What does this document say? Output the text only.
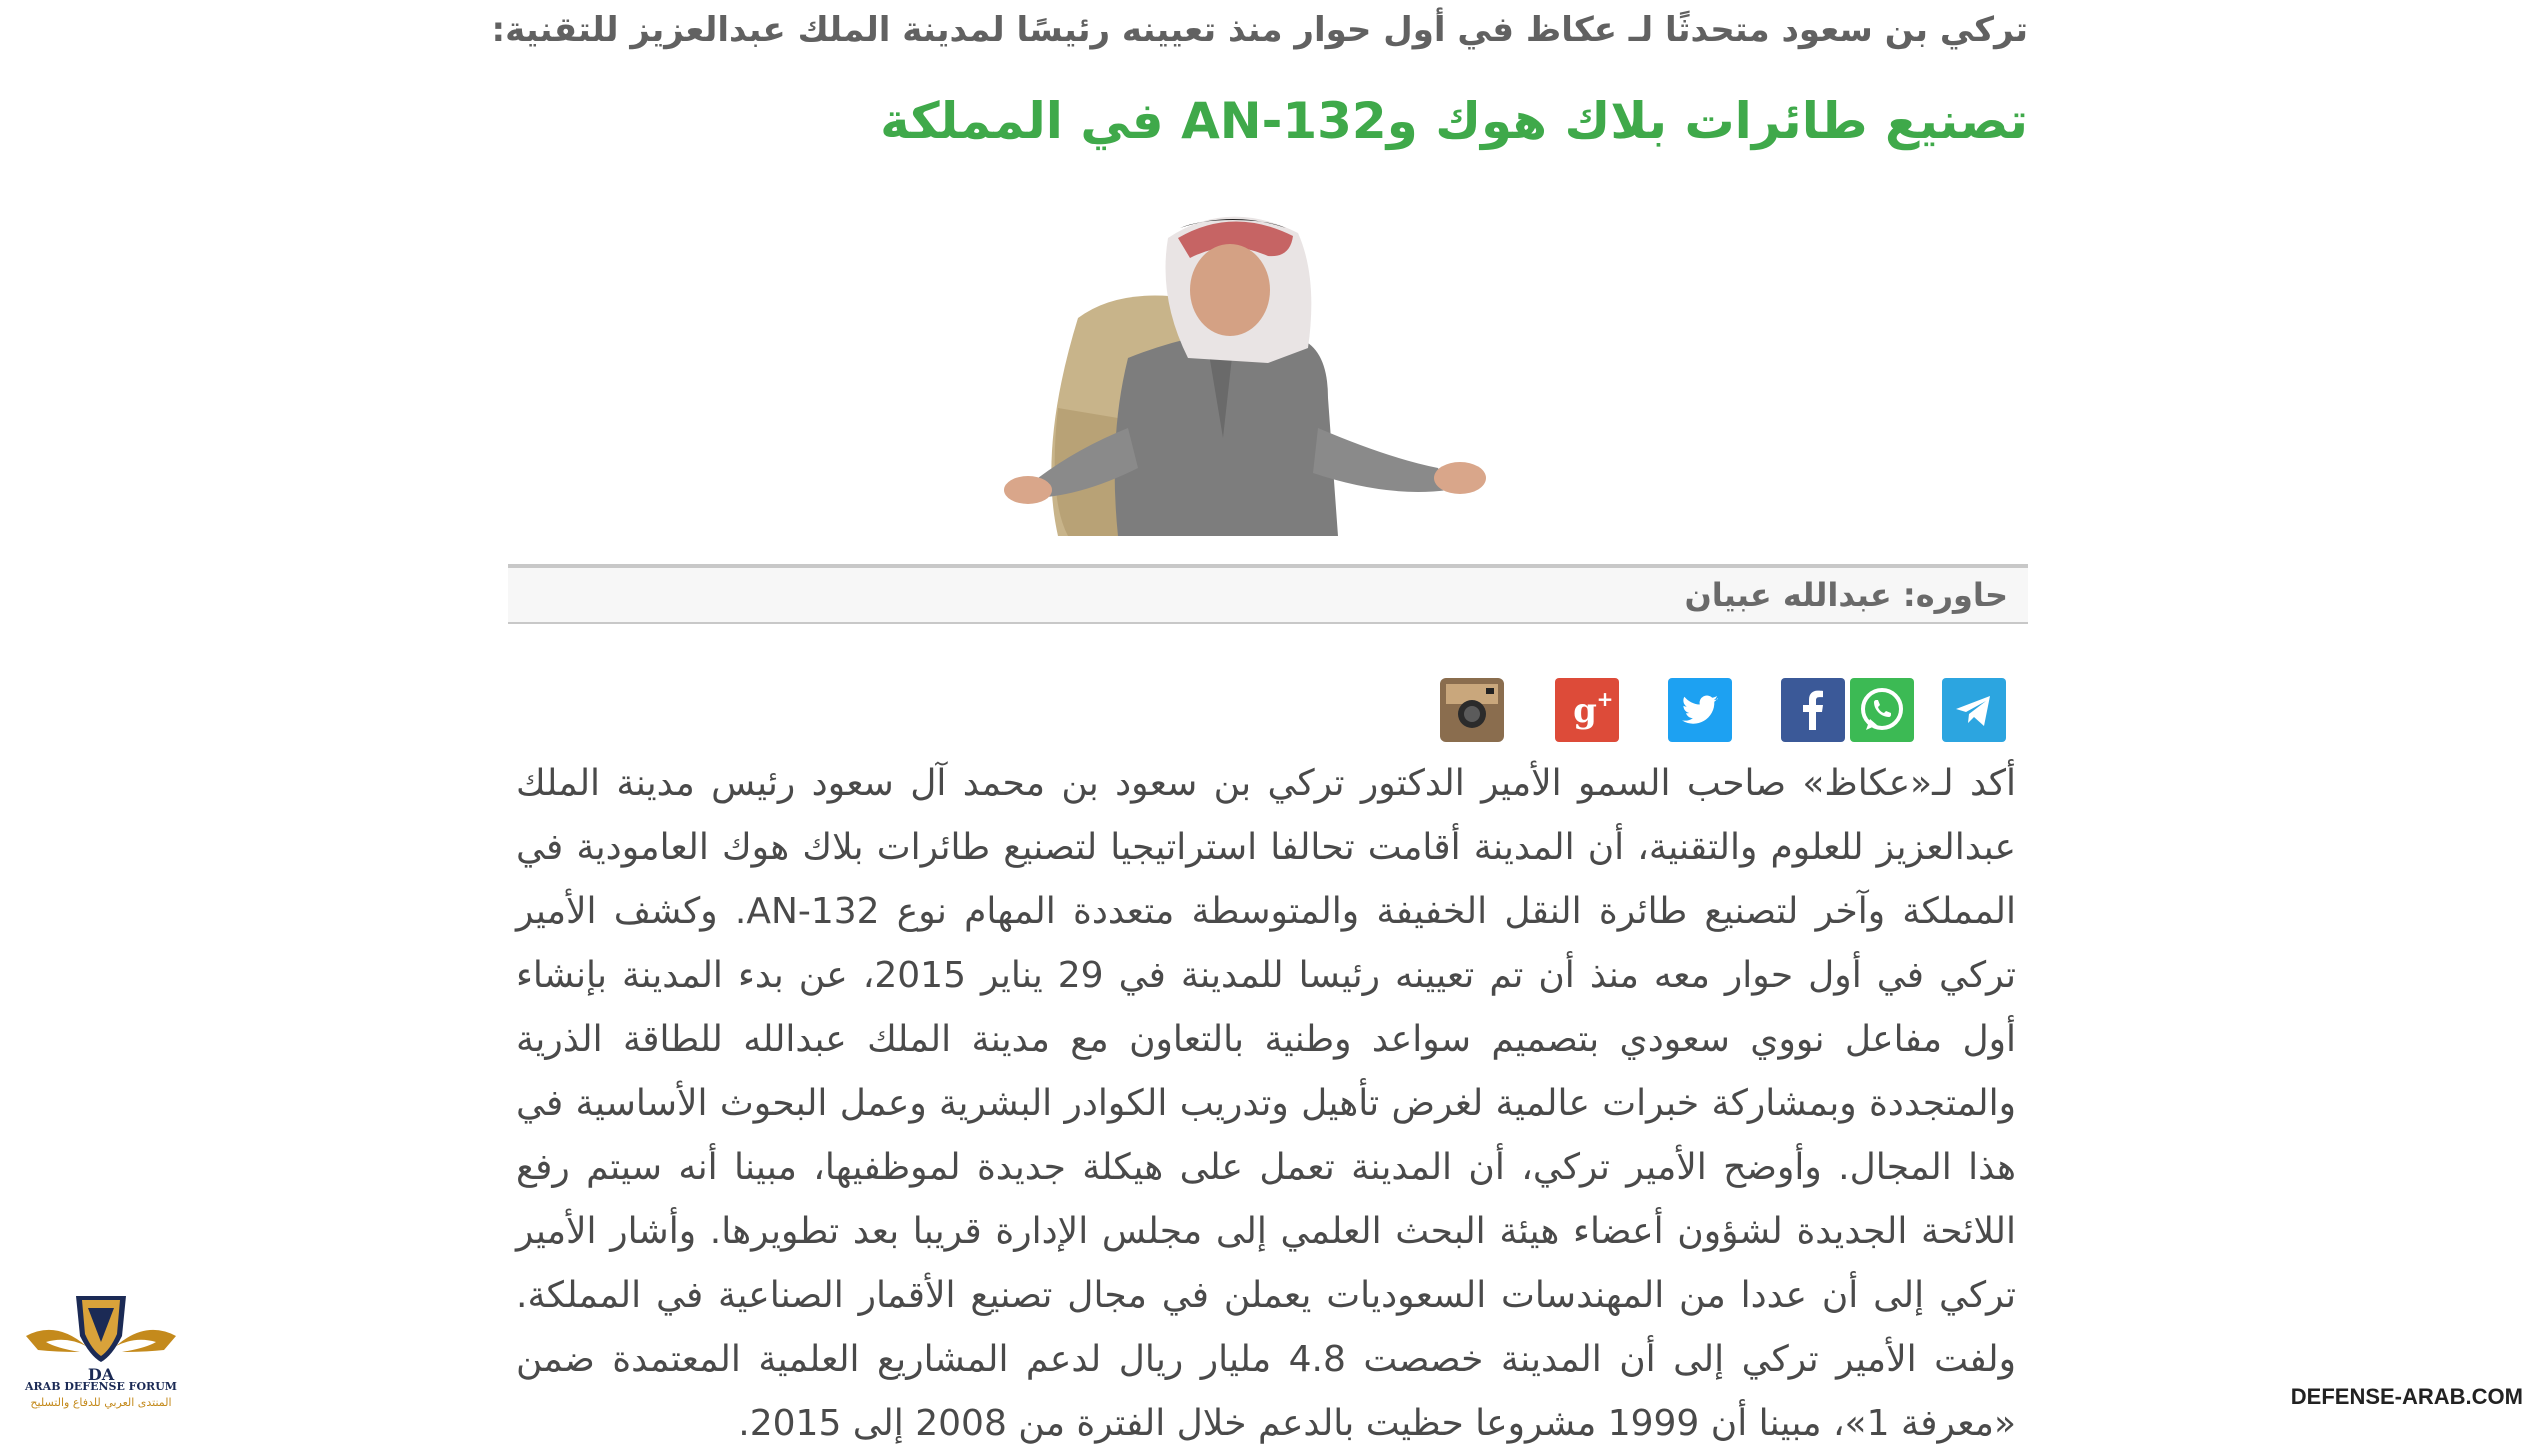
تركي بن سعود متحدثًا لـ عكاظ في أول حوار منذ تعيينه رئيسًا لمدينة الملك عبدالعزيز للتقنية:
تصنيع طائرات بلاك هوك وAN-132 في المملكة
حاوره: عبدالله عبيان
g +
أكد لـ«عكاظ» صاحب السمو الأمير الدكتور تركي بن سعود بن محمد آل سعود رئيس مدينة الملك عبدالعزيز للعلوم والتقنية، أن المدينة أقامت تحالفا استراتيجيا لتصنيع طائرات بلاك هوك العامودية في المملكة وآخر لتصنيع طائرة النقل الخفيفة والمتوسطة متعددة المهام نوع AN-132. وكشف الأمير تركي في أول حوار معه منذ أن تم تعيينه رئيسا للمدينة في 29 يناير 2015، عن بدء المدينة بإنشاء أول مفاعل نووي سعودي بتصميم سواعد وطنية بالتعاون مع مدينة الملك عبدالله للطاقة الذرية والمتجددة وبمشاركة خبرات عالمية لغرض تأهيل وتدريب الكوادر البشرية وعمل البحوث الأساسية في هذا المجال. وأوضح الأمير تركي، أن المدينة تعمل على هيكلة جديدة لموظفيها، مبينا أنه سيتم رفع اللائحة الجديدة لشؤون أعضاء هيئة البحث العلمي إلى مجلس الإدارة قريبا بعد تطويرها. وأشار الأمير تركي إلى أن عددا من المهندسات السعوديات يعملن في مجال تصنيع الأقمار الصناعية في المملكة. ولفت الأمير تركي إلى أن المدينة خصصت 4.8 مليار ريال لدعم المشاريع العلمية المعتمدة ضمن «معرفة 1»، مبينا أن 1999 مشروعا حظيت بالدعم خلال الفترة من 2008 إلى 2015.
DA
ARAB DEFENSE FORUM
المنتدى العربي للدفاع والتسليح	DEFENSE-ARAB.COM
